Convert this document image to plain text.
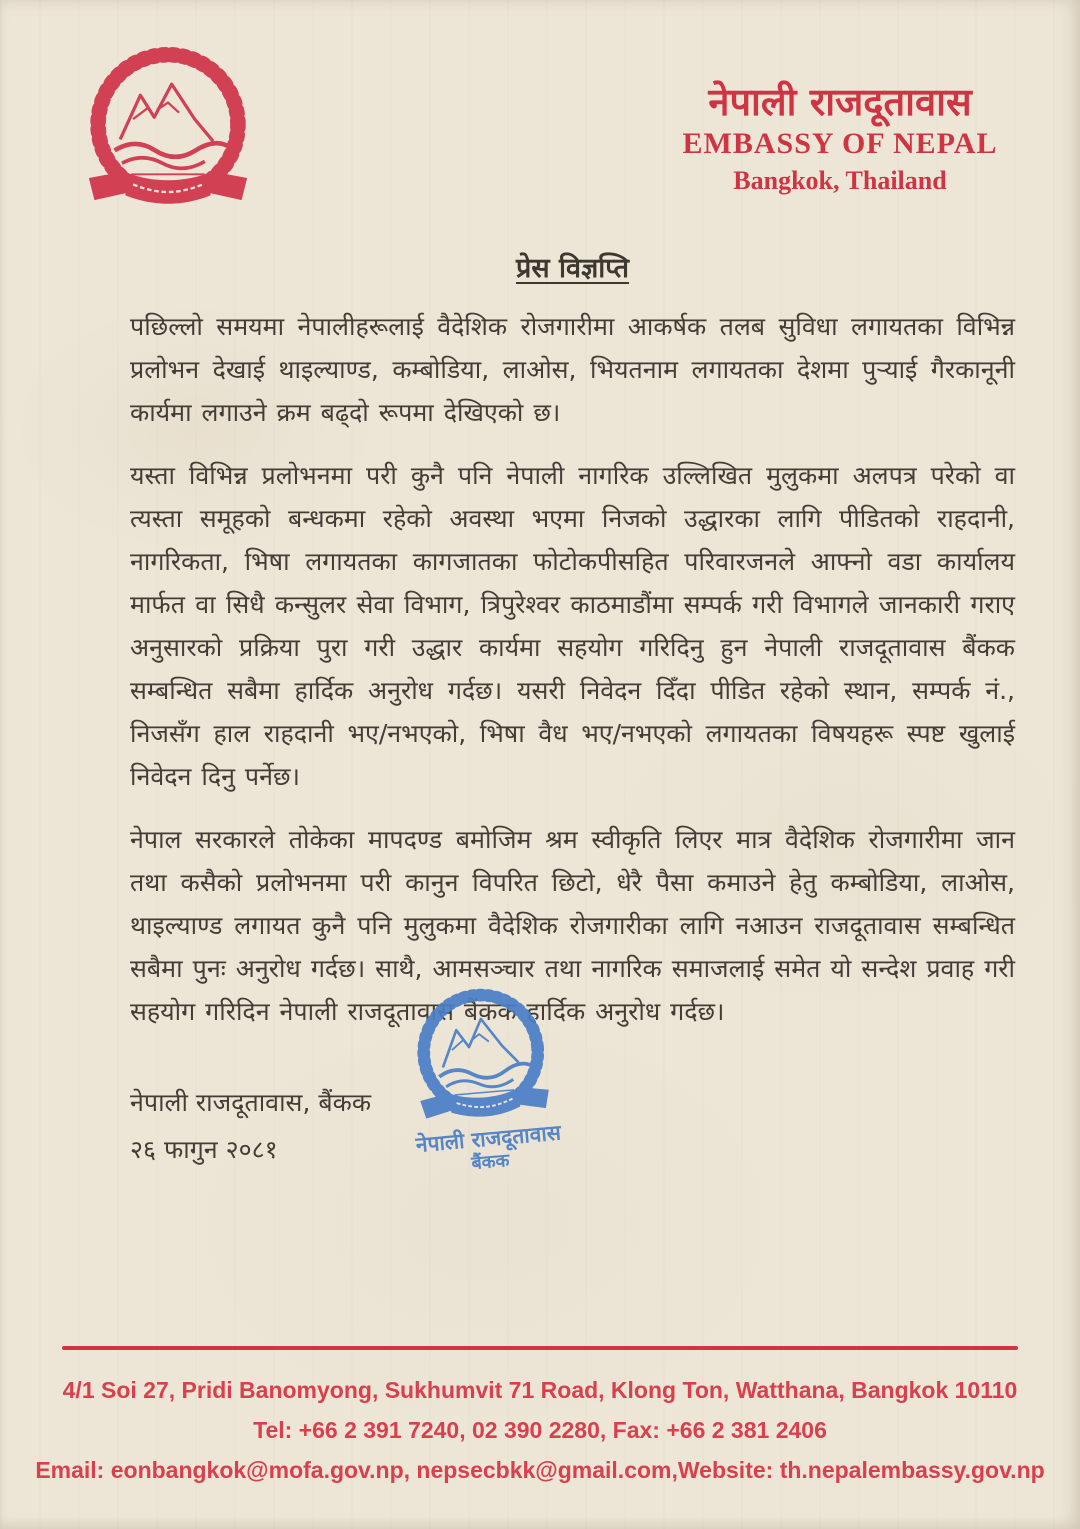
नेपाली राजदूतावास
EMBASSY OF NEPAL
Bangkok, Thailand
प्रेस विज्ञप्ति

पछिल्लो समयमा नेपालीहरूलाई वैदेशिक रोजगारीमा आकर्षक तलब सुविधा लगायतका विभिन्न प्रलोभन देखाई थाइल्याण्ड, कम्बोडिया, लाओस, भियतनाम लगायतका देशमा पुऱ्याई गैरकानूनी कार्यमा लगाउने क्रम बढ्दो रूपमा देखिएको छ।

यस्ता विभिन्न प्रलोभनमा परी कुनै पनि नेपाली नागरिक उल्लिखित मुलुकमा अलपत्र परेको वा त्यस्ता समूहको बन्धकमा रहेको अवस्था भएमा निजको उद्धारका लागि पीडितको राहदानी, नागरिकता, भिषा लगायतका कागजातका फोटोकपीसहित परिवारजनले आफ्नो वडा कार्यालय मार्फत वा सिधै कन्सुलर सेवा विभाग, त्रिपुरेश्वर काठमाडौंमा सम्पर्क गरी विभागले जानकारी गराए अनुसारको प्रक्रिया पुरा गरी उद्धार कार्यमा सहयोग गरिदिनु हुन नेपाली राजदूतावास बैंकक सम्बन्धित सबैमा हार्दिक अनुरोध गर्दछ। यसरी निवेदन दिँदा पीडित रहेको स्थान, सम्पर्क नं., निजसँग हाल राहदानी भए/नभएको, भिषा वैध भए/नभएको लगायतका विषयहरू स्पष्ट खुलाई निवेदन दिनु पर्नेछ।

नेपाल सरकारले तोकेका मापदण्ड बमोजिम श्रम स्वीकृति लिएर मात्र वैदेशिक रोजगारीमा जान तथा कसैको प्रलोभनमा परी कानुन विपरित छिटो, धेरै पैसा कमाउने हेतु कम्बोडिया, लाओस, थाइल्याण्ड लगायत कुनै पनि मुलुकमा वैदेशिक रोजगारीका लागि नआउन राजदूतावास सम्बन्धित सबैमा पुनः अनुरोध गर्दछ। साथै, आमसञ्चार तथा नागरिक समाजलाई समेत यो सन्देश प्रवाह गरी सहयोग गरिदिन नेपाली राजदूतावास बैंकक हार्दिक अनुरोध गर्दछ।

नेपाली राजदूतावास, बैंकक
२६ फागुन २०८१	नेपाली राजदूतावास
बैंकक
4/1 Soi 27, Pridi Banomyong, Sukhumvit 71 Road, Klong Ton, Watthana, Bangkok 10110
Tel: +66 2 391 7240, 02 390 2280, Fax: +66 2 381 2406
Email: eonbangkok@mofa.gov.np, nepsecbkk@gmail.com,Website: th.nepalembassy.gov.np
